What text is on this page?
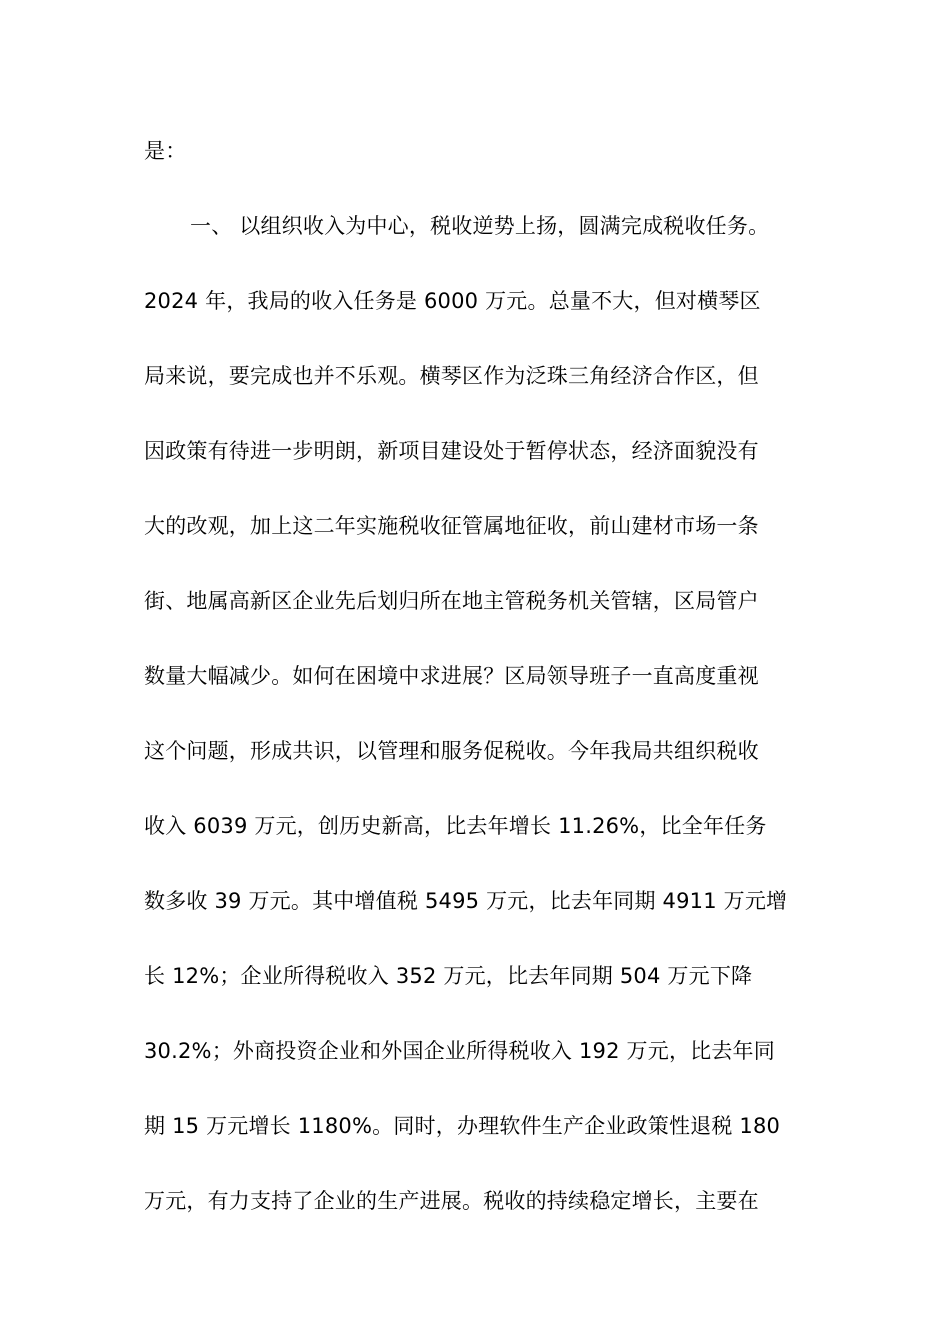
是：
一、 以组织收入为中心，税收逆势上扬，圆满完成税收任务。
2024 年，我局的收入任务是 6000 万元。总量不大，但对横琴区
局来说，要完成也并不乐观。横琴区作为泛珠三角经济合作区，但
因政策有待进一步明朗，新项目建设处于暂停状态，经济面貌没有
大的改观，加上这二年实施税收征管属地征收，前山建材市场一条
街、地属高新区企业先后划归所在地主管税务机关管辖，区局管户
数量大幅减少。如何在困境中求进展？区局领导班子一直高度重视
这个问题，形成共识，以管理和服务促税收。今年我局共组织税收
收入 6039 万元，创历史新高，比去年增长 11.26%，比全年任务
数多收 39 万元。其中增值税 5495 万元，比去年同期 4911 万元增
长 12%；企业所得税收入 352 万元，比去年同期 504 万元下降
30.2%；外商投资企业和外国企业所得税收入 192 万元，比去年同
期 15 万元增长 1180%。同时，办理软件生产企业政策性退税 180
万元，有力支持了企业的生产进展。税收的持续稳定增长，主要在
